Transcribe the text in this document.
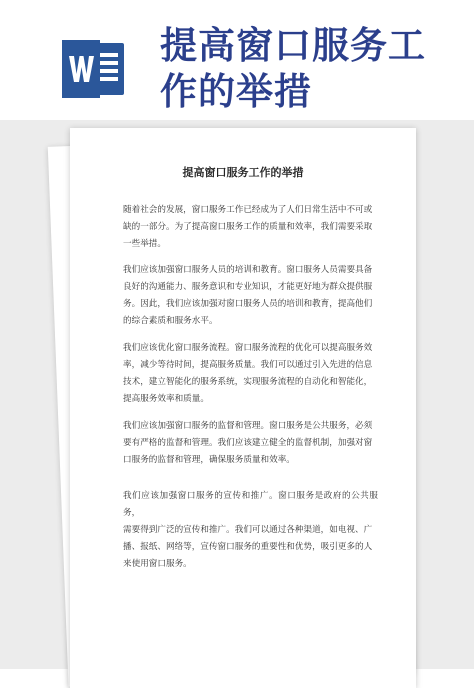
提高窗口服务工作的举措
提高窗口服务工作的举措

随着社会的发展，窗口服务工作已经成为了人们日常生活中不可或
缺的一部分。为了提高窗口服务工作的质量和效率，我们需要采取
一些举措。

我们应该加强窗口服务人员的培训和教育。窗口服务人员需要具备
良好的沟通能力、服务意识和专业知识，才能更好地为群众提供服
务。因此，我们应该加强对窗口服务人员的培训和教育，提高他们
的综合素质和服务水平。

我们应该优化窗口服务流程。窗口服务流程的优化可以提高服务效
率，减少等待时间，提高服务质量。我们可以通过引入先进的信息
技术，建立智能化的服务系统，实现服务流程的自动化和智能化，
提高服务效率和质量。

我们应该加强窗口服务的监督和管理。窗口服务是公共服务，必须
要有严格的监督和管理。我们应该建立健全的监督机制，加强对窗
口服务的监督和管理，确保服务质量和效率。

我们应该加强窗口服务的宣传和推广。窗口服务是政府的公共服务，
需要得到广泛的宣传和推广。我们可以通过各种渠道，如电视、广
播、报纸、网络等，宣传窗口服务的重要性和优势，吸引更多的人
来使用窗口服务。
